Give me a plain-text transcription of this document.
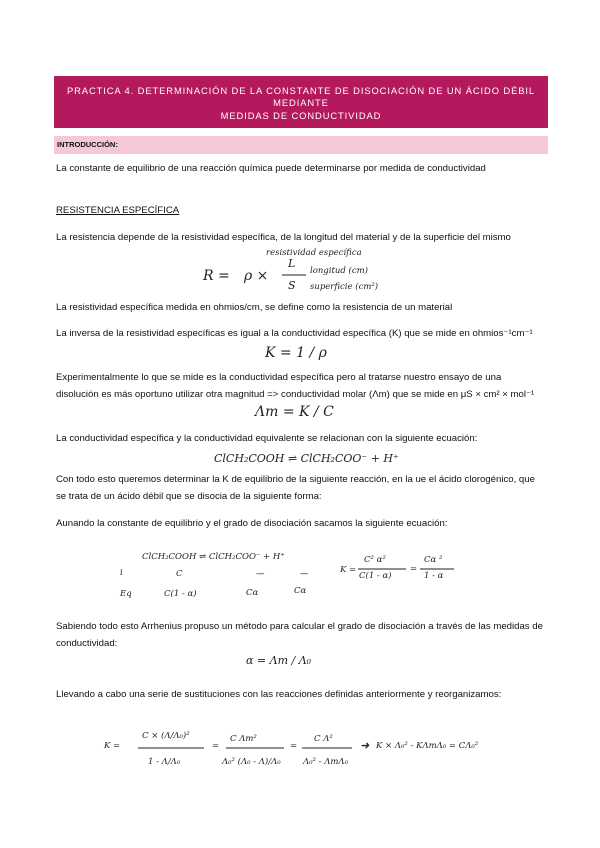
PRACTICA 4. DETERMINACIÓN DE LA CONSTANTE DE DISOCIACIÓN DE UN ÁCIDO DÉBIL MEDIANTE
MEDIDAS DE CONDUCTIVIDAD
INTRODUCCIÓN:
La constante de equilibrio de una reacción química puede determinarse por medida de conductividad
RESISTENCIA ESPECÍFICA
La resistencia depende de la resistividad específica, de la longitud del material y de la superficie del mismo
R = ρ ×
L
S
resistividad específica
longitud (cm)
superficie (cm²)
La resistividad específica medida en ohmios/cm, se define como la resistencia de un material
La inversa de la resistividad específicas es igual a la conductividad específica (K) que se mide en ohmios⁻¹cm⁻¹
K = 1 / ρ
Experimentalmente lo que se mide es la conductividad específica pero al tratarse nuestro ensayo de una disolución es más oportuno utilizar otra magnitud => conductividad molar (Λm) que se mide en μS × cm² × mol⁻¹
Λm = K / C
La conductividad específica y la conductividad equivalente se relacionan con la siguiente ecuación:
ClCH₂COOH ⇌ ClCH₂COO⁻ + H⁺
Con todo esto queremos determinar la K de equilibrio de la siguiente reacción, en la ue el ácido clorogénico, que se trata de un ácido débil que se disocia de la siguiente forma:
Aunando la constante de equilibrio y el grado de disociación sacamos la siguiente ecuación:
ClCH₂COOH ⇌ ClCH₂COO⁻ + H⁺
i	C	—	—
Eq	C(1 - α)	Cα	Cα
K =
C² α²
C(1 - α)
=
Cα ²
1 - α
Sabiendo todo esto Arrhenius propuso un método para calcular el grado de disociación a través de las medidas de conductividad:
α = Λm / Λ₀
Llevando a cabo una serie de sustituciones con las reacciones definidas anteriormente y reorganizamos:
K =
C × (Λ/Λ₀)²
1 - Λ/Λ₀
=
C Λm²
Λ₀² (Λ₀ - Λ)/Λ₀
=
C Λ²
Λ₀² - ΛmΛ₀
➜ K × Λ₀² - KΛmΛ₀ = CΛ₀²
